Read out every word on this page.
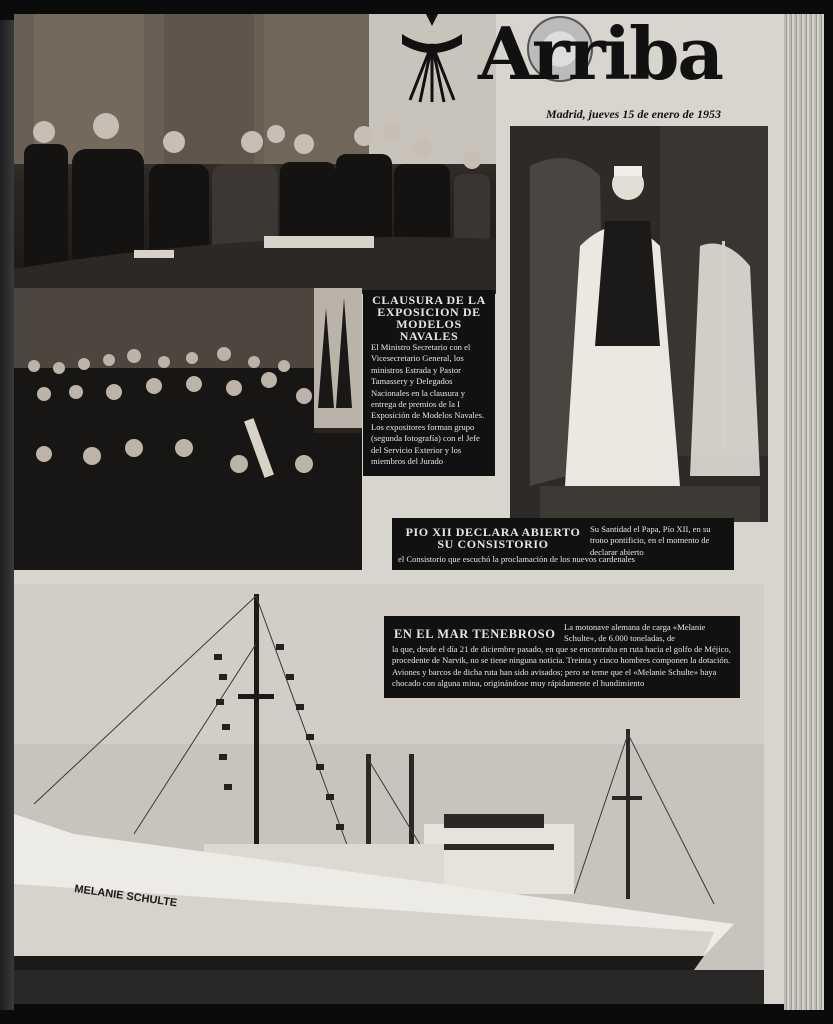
MELANIE SCHULTE
Arriba
Madrid, jueves 15 de enero de 1953
CLAUSURA DE LA EXPOSICION DE MODELOS NAVALES
El Ministro Secretario con el Vicesecretario General, los ministros Estrada y Pastor Tamassery y Delegados Nacionales en la clausura y entrega de premios de la I Exposición de Modelos Navales. Los expositores forman grupo (segunda fotografía) con el Jefe del Servicio Exterior y los miembros del Jurado
PIO XII DECLARA ABIERTO SU CONSISTORIO
Su Santidad el Papa, Pío XII, en su trono pontificio, en el momento de declarar abierto
el Consistorio que escuchó la proclamación de los nuevos cardenales
EN EL MAR TENEBROSO La motonave alemana de carga «Melanie Schulte», de 6.000 toneladas, de
la que, desde el día 21 de diciembre pasado, en que se encontraba en ruta hacia el golfo de Méjico, procedente de Narvik, no se tiene ninguna noticia. Treinta y cinco hombres componen la dotación. Aviones y barcos de dicha ruta han sido avisados; pero se teme que el «Melanie Schulte» haya chocado con alguna mina, originándose muy rápidamente el hundimiento
